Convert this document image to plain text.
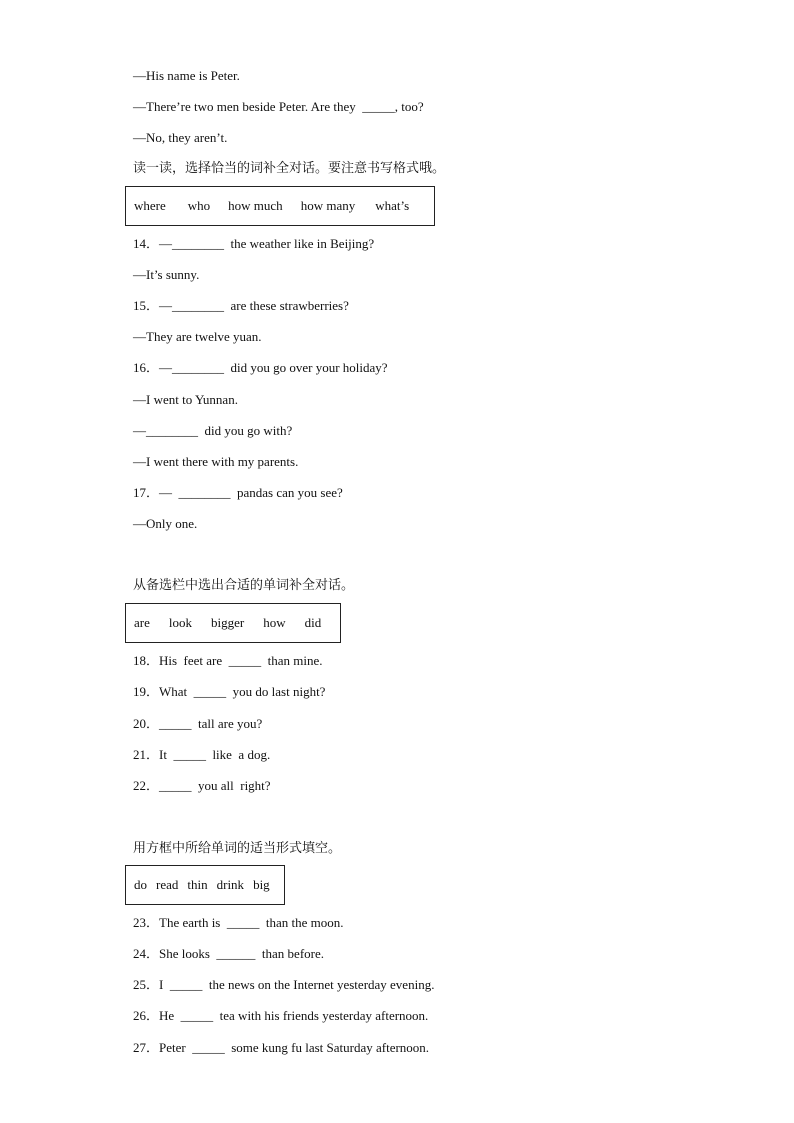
—His name is Peter.
—There’re two men beside Peter. Are they  _____, too?
—No, they aren’t.
读一读，选择恰当的词补全对话。要注意书写格式哦。
where who how much how many what’s
14．—________  the weather like in Beijing?
—It’s sunny.
15．—________  are these strawberries?
—They are twelve yuan.
16．—________  did you go over your holiday?
—I went to Yunnan.
—________  did you go with?
—I went there with my parents.
17．—  ________  pandas can you see?
—Only one.
从备选栏中选出合适的单词补全对话。
are look bigger how did
18．His  feet are  _____  than mine.
19．What  _____  you do last night?
20．_____  tall are you?
21．It  _____  like  a dog.
22．_____  you all  right?
用方框中所给单词的适当形式填空。
do read thin drink big
23．The earth is  _____  than the moon.
24．She looks  ______  than before.
25．I  _____  the news on the Internet yesterday evening.
26．He  _____  tea with his friends yesterday afternoon.
27．Peter  _____  some kung fu last Saturday afternoon.
